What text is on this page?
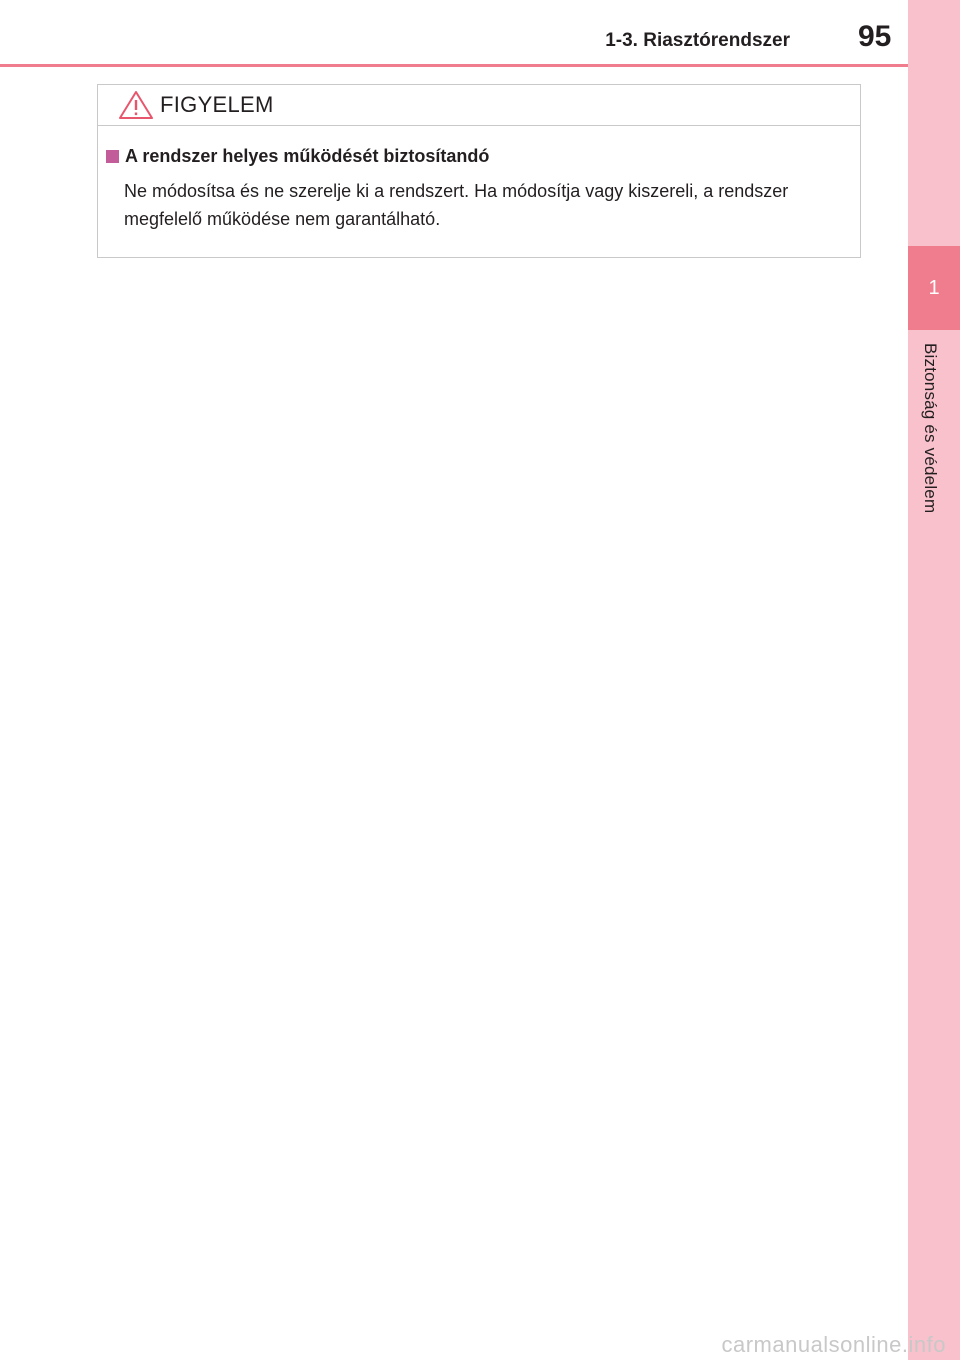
1
Biztonság és védelem
1-3. Riasztórendszer 95
FIGYELEM
A rendszer helyes működését biztosítandó

Ne módosítsa és ne szerelje ki a rendszert. Ha módosítja vagy kiszereli, a rendszer megfelelő működése nem garantálható.

carmanualsonline.info
